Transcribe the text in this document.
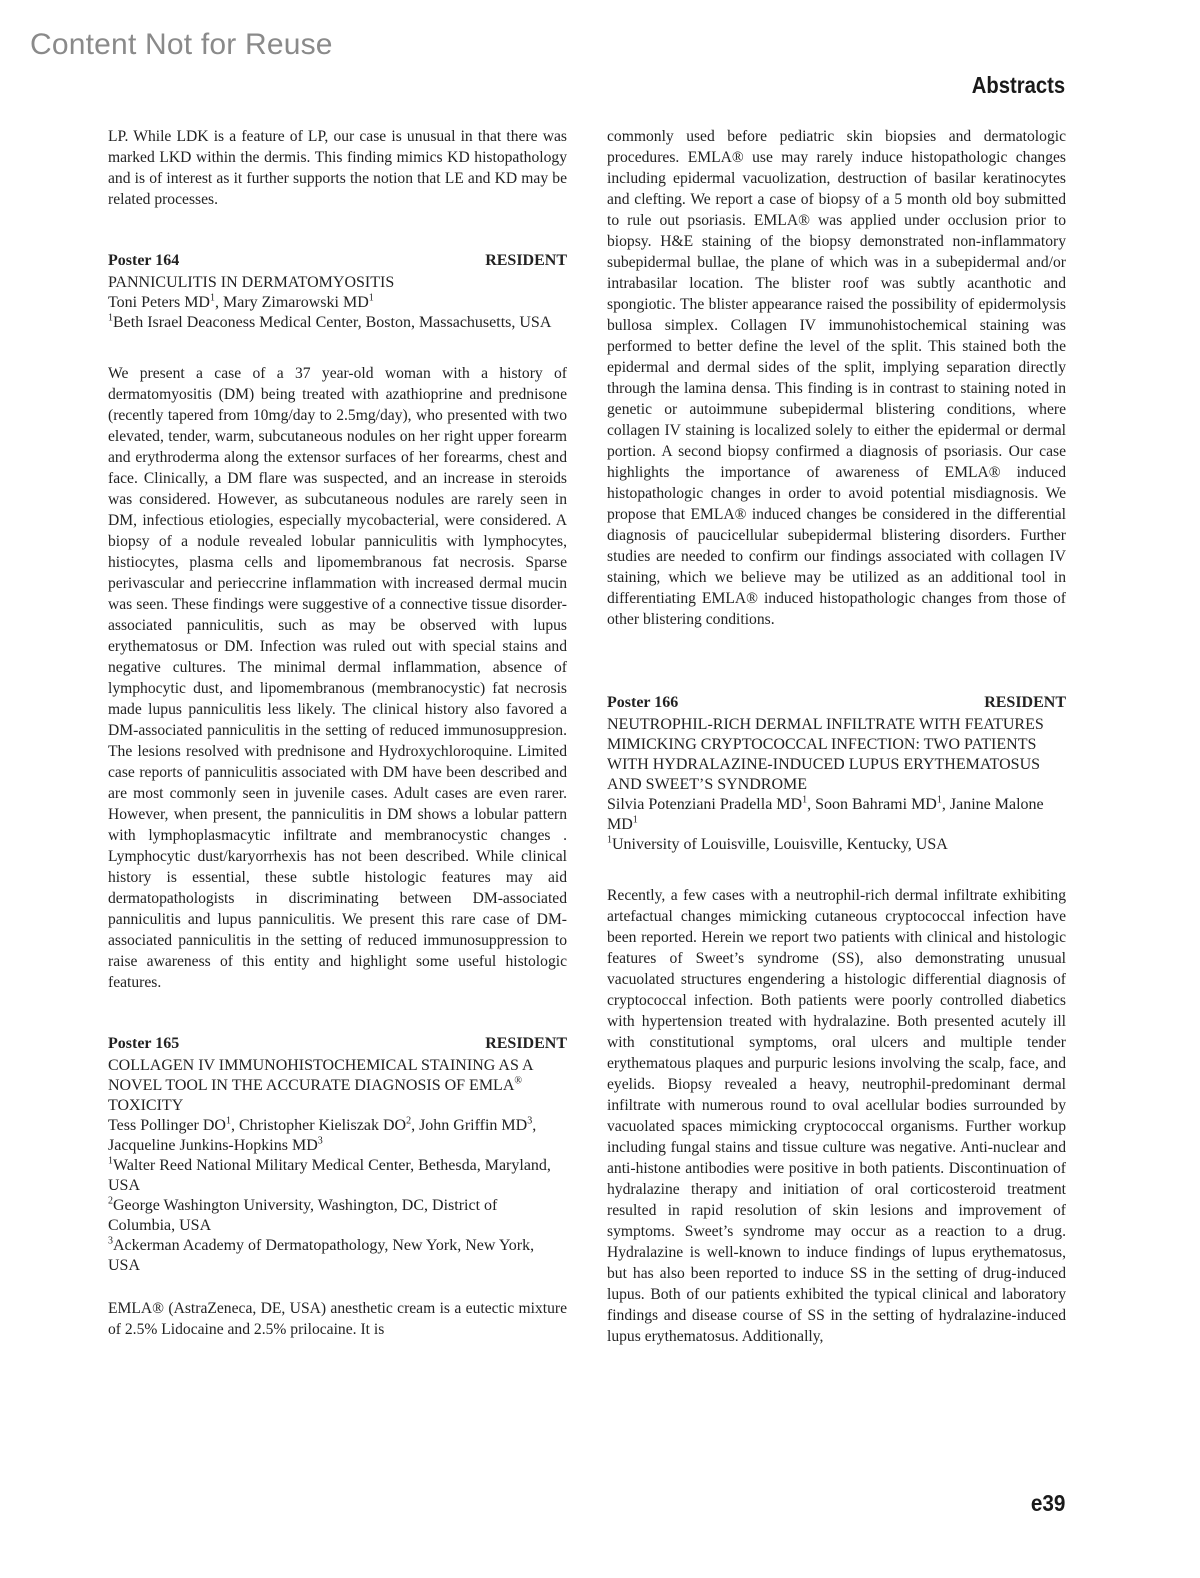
Content Not for Reuse
Abstracts

LP. While LDK is a feature of LP, our case is unusual in that there was marked LKD within the dermis. This finding mimics KD histopathology and is of interest as it further supports the notion that LE and KD may be related processes.

Poster 164	RESIDENT

PANNICULITIS IN DERMATOMYOSITIS

Toni Peters $MD^1$, Mary Zimarowski $MD^1$

$^1$Beth Israel Deaconess Medical Center, Boston, Massachusetts, USA

We present a case of a 37 year-old woman with a history of dermatomyositis (DM) being treated with azathioprine and prednisone (recently tapered from 10mg/day to 2.5mg/day), who presented with two elevated, tender, warm, subcutaneous nodules on her right upper forearm and erythroderma along the extensor surfaces of her forearms, chest and face. Clinically, a DM flare was suspected, and an increase in steroids was considered. However, as subcutaneous nodules are rarely seen in DM, infectious etiologies, especially mycobacterial, were considered. A biopsy of a nodule revealed lobular panniculitis with lymphocytes, histiocytes, plasma cells and lipomembranous fat necrosis. Sparse perivascular and perieccrine inflammation with increased dermal mucin was seen. These findings were suggestive of a connective tissue disorder-associated panniculitis, such as may be observed with lupus erythematosus or DM. Infection was ruled out with special stains and negative cultures. The minimal dermal inflammation, absence of lymphocytic dust, and lipomembranous (membranocystic) fat necrosis made lupus panniculitis less likely. The clinical history also favored a DM-associated panniculitis in the setting of reduced immunosuppresion. The lesions resolved with prednisone and Hydroxychloroquine. Limited case reports of panniculitis associated with DM have been described and are most commonly seen in juvenile cases. Adult cases are even rarer. However, when present, the panniculitis in DM shows a lobular pattern with lymphoplasmacytic infiltrate and membranocystic changes . Lymphocytic dust/karyorrhexis has not been described. While clinical history is essential, these subtle histologic features may aid dermatopathologists in discriminating between DM-associated panniculitis and lupus panniculitis. We present this rare case of DM-associated panniculitis in the setting of reduced immunosuppression to raise awareness of this entity and highlight some useful histologic features.

Poster 165	RESIDENT

COLLAGEN IV IMMUNOHISTOCHEMICAL STAINING AS A NOVEL TOOL IN THE ACCURATE DIAGNOSIS OF EMLA® TOXICITY

Tess Pollinger $DO^1$, Christopher Kieliszak $DO^2$, John Griffin $MD^3$, Jacqueline Junkins-Hopkins $MD^3$

$^1$Walter Reed National Military Medical Center, Bethesda, Maryland, USA

$^2$George Washington University, Washington, DC, District of Columbia, USA

$^3$Ackerman Academy of Dermatopathology, New York, New York, USA

EMLA® (AstraZeneca, DE, USA) anesthetic cream is a eutectic mixture of 2.5% Lidocaine and 2.5% prilocaine. It is

commonly used before pediatric skin biopsies and dermatologic procedures. EMLA® use may rarely induce histopathologic changes including epidermal vacuolization, destruction of basilar keratinocytes and clefting. We report a case of biopsy of a 5 month old boy submitted to rule out psoriasis. EMLA® was applied under occlusion prior to biopsy. H&E staining of the biopsy demonstrated non-inflammatory subepidermal bullae, the plane of which was in a subepidermal and/or intrabasilar location. The blister roof was subtly acanthotic and spongiotic. The blister appearance raised the possibility of epidermolysis bullosa simplex. Collagen IV immunohistochemical staining was performed to better define the level of the split. This stained both the epidermal and dermal sides of the split, implying separation directly through the lamina densa. This finding is in contrast to staining noted in genetic or autoimmune subepidermal blistering conditions, where collagen IV staining is localized solely to either the epidermal or dermal portion. A second biopsy confirmed a diagnosis of psoriasis. Our case highlights the importance of awareness of EMLA® induced histopathologic changes in order to avoid potential misdiagnosis. We propose that EMLA® induced changes be considered in the differential diagnosis of paucicellular subepidermal blistering disorders. Further studies are needed to confirm our findings associated with collagen IV staining, which we believe may be utilized as an additional tool in differentiating EMLA® induced histopathologic changes from those of other blistering conditions.

Poster 166	RESIDENT

NEUTROPHIL-RICH DERMAL INFILTRATE WITH FEATURES MIMICKING CRYPTOCOCCAL INFECTION: TWO PATIENTS WITH HYDRALAZINE-INDUCED LUPUS ERYTHEMATOSUS AND SWEET’S SYNDROME

Silvia Potenziani Pradella $MD^1$, Soon Bahrami $MD^1$, Janine Malone $MD^1$

$^1$University of Louisville, Louisville, Kentucky, USA

Recently, a few cases with a neutrophil-rich dermal infiltrate exhibiting artefactual changes mimicking cutaneous cryptococcal infection have been reported. Herein we report two patients with clinical and histologic features of Sweet’s syndrome (SS), also demonstrating unusual vacuolated structures engendering a histologic differential diagnosis of cryptococcal infection. Both patients were poorly controlled diabetics with hypertension treated with hydralazine. Both presented acutely ill with constitutional symptoms, oral ulcers and multiple tender erythematous plaques and purpuric lesions involving the scalp, face, and eyelids. Biopsy revealed a heavy, neutrophil-predominant dermal infiltrate with numerous round to oval acellular bodies surrounded by vacuolated spaces mimicking cryptococcal organisms. Further workup including fungal stains and tissue culture was negative. Anti-nuclear and anti-histone antibodies were positive in both patients. Discontinuation of hydralazine therapy and initiation of oral corticosteroid treatment resulted in rapid resolution of skin lesions and improvement of symptoms. Sweet’s syndrome may occur as a reaction to a drug. Hydralazine is well-known to induce findings of lupus erythematosus, but has also been reported to induce SS in the setting of drug-induced lupus. Both of our patients exhibited the typical clinical and laboratory findings and disease course of SS in the setting of hydralazine-induced lupus erythematosus. Additionally,

e39
